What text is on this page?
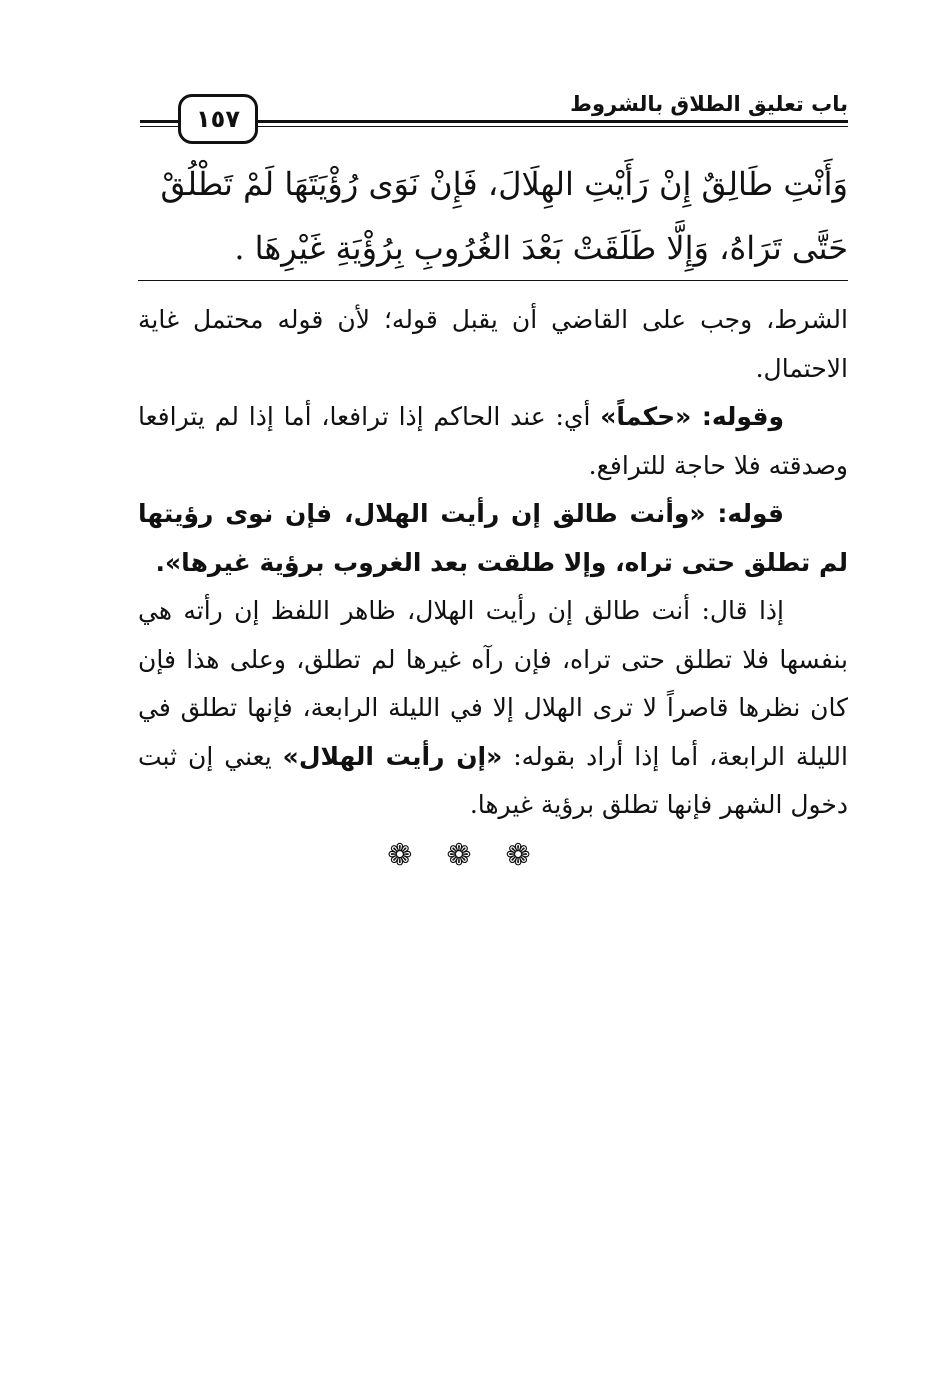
١٥٧
باب تعليق الطلاق بالشروط

وَأَنْتِ طَالِقٌ إِنْ رَأَيْتِ الهِلَالَ، فَإِنْ نَوَى رُؤْيَتَهَا لَمْ تَطْلُقْ

حَتَّى تَرَاهُ، وَإِلَّا طَلَقَتْ بَعْدَ الغُرُوبِ بِرُؤْيَةِ غَيْرِهَا .

الشرط، وجب على القاضي أن يقبل قوله؛ لأن قوله محتمل غاية الاحتمال.

وقوله: «حكماً» أي: عند الحاكم إذا ترافعا، أما إذا لم يترافعا وصدقته فلا حاجة للترافع.

قوله: «وأنت طالق إن رأيت الهلال، فإن نوى رؤيتها لم تطلق حتى تراه، وإلا طلقت بعد الغروب برؤية غيرها».

إذا قال: أنت طالق إن رأيت الهلال، ظاهر اللفظ إن رأته هي بنفسها فلا تطلق حتى تراه، فإن رآه غيرها لم تطلق، وعلى هذا فإن كان نظرها قاصراً لا ترى الهلال إلا في الليلة الرابعة، فإنها تطلق في الليلة الرابعة، أما إذا أراد بقوله: «إن رأيت الهلال» يعني إن ثبت دخول الشهر فإنها تطلق برؤية غيرها.

❁❁❁
